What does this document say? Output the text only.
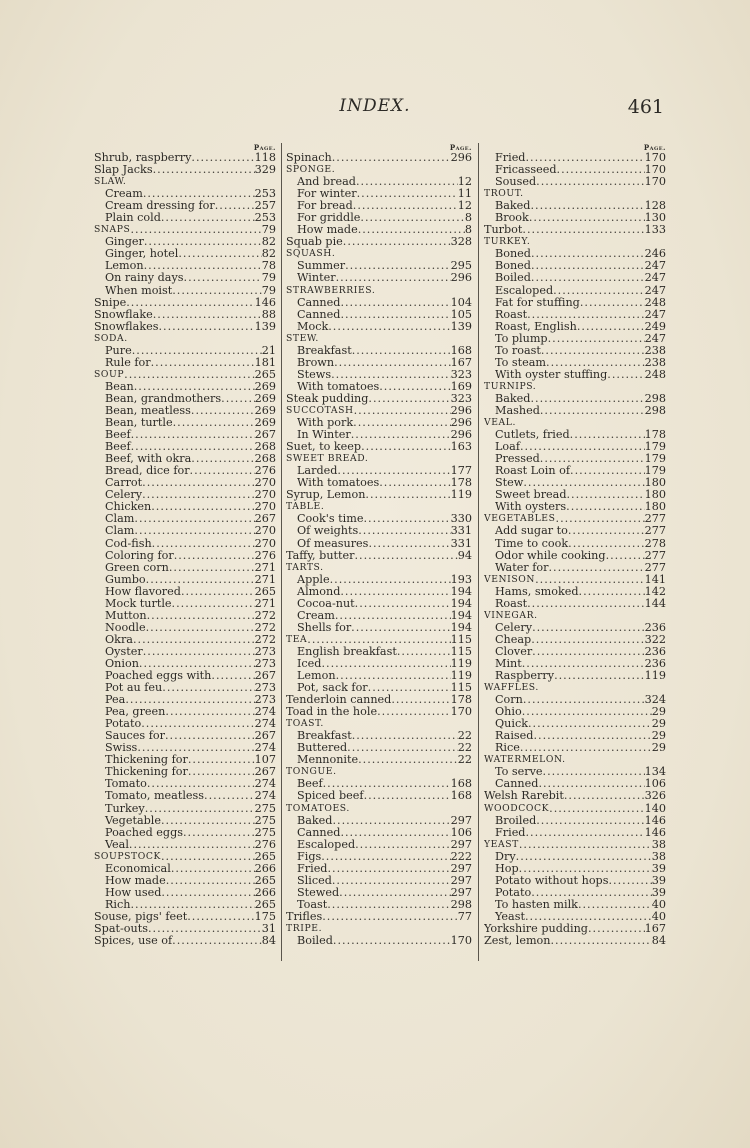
INDEX.	461
Page.
Shrub, raspberry .....	118
Slap Jacks .....	329
SLAW.
Cream .....	253
Cream dressing for .....	257
Plain cold .....	253
SNAPS .....	79
Ginger .....	82
Ginger, hotel .....	82
Lemon .....	78
On rainy days .....	79
When moist .....	79
Snipe .....	146
Snowflake .....	88
Snowflakes .....	139
SODA.
Pure .....	21
Rule for .....	181
SOUP .....	265
Bean .....	269
Bean, grandmothers .....	269
Bean, meatless .....	269
Bean, turtle .....	269
Beef .....	267
Beef .....	268
Beef, with okra .....	268
Bread, dice for .....	276
Carrot .....	270
Celery .....	270
Chicken .....	270
Clam .....	267
Clam .....	270
Cod-fish .....	270
Coloring for .....	276
Green corn .....	271
Gumbo .....	271
How flavored .....	265
Mock turtle .....	271
Mutton .....	272
Noodle .....	272
Okra .....	272
Oyster .....	273
Onion .....	273
Poached eggs with .....	267
Pot au feu .....	273
Pea .....	273
Pea, green .....	274
Potato .....	274
Sauces for .....	267
Swiss .....	274
Thickening for .....	107
Thickening for .....	267
Tomato .....	274
Tomato, meatless .....	274
Turkey .....	275
Vegetable .....	275
Poached eggs .....	275
Veal .....	276
SOUPSTOCK .....	265
Economical .....	266
How made .....	265
How used .....	266
Rich .....	265
Souse, pigs' feet .....	175
Spat-outs .....	31
Spices, use of .....	84
Page.
Spinach .....	296
SPONGE.
And bread .....	12
For winter .....	11
For bread .....	12
For griddle .....	8
How made .....	8
Squab pie .....	328
SQUASH.
Summer .....	295
Winter .....	296
STRAWBERRIES.
Canned .....	104
Canned .....	105
Mock .....	139
STEW.
Breakfast .....	168
Brown .....	167
Stews .....	323
With tomatoes .....	169
Steak pudding .....	323
SUCCOTASH .....	296
With pork .....	296
In Winter .....	296
Suet, to keep .....	163
SWEET BREAD.
Larded .....	177
With tomatoes .....	178
Syrup, Lemon .....	119
TABLE.
Cook's time .....	330
Of weights .....	331
Of measures .....	331
Taffy, butter .....	94
TARTS.
Apple .....	193
Almond .....	194
Cocoa-nut .....	194
Cream .....	194
Shells for .....	194
TEA .....	115
English breakfast .....	115
Iced .....	119
Lemon .....	119
Pot, sack for .....	115
Tenderloin canned .....	178
Toad in the hole .....	170
TOAST.
Breakfast .....	22
Buttered .....	22
Mennonite .....	22
TONGUE.
Beef .....	168
Spiced beef .....	168
TOMATOES.
Baked .....	297
Canned .....	106
Escaloped .....	297
Figs .....	222
Fried .....	297
Sliced .....	297
Stewed .....	297
Toast .....	298
Trifles .....	77
TRIPE.
Boiled .....	170
Page.
Fried .....	170
Fricasseed .....	170
Soused .....	170
TROUT.
Baked .....	128
Brook .....	130
Turbot .....	133
TURKEY.
Boned .....	246
Boned .....	247
Boiled .....	247
Escaloped .....	247
Fat for stuffing .....	248
Roast .....	247
Roast, English .....	249
To plump .....	247
To roast .....	238
To steam .....	238
With oyster stuffing .....	248
TURNIPS.
Baked .....	298
Mashed .....	298
VEAL.
Cutlets, fried .....	178
Loaf .....	179
Pressed .....	179
Roast Loin of .....	179
Stew .....	180
Sweet bread .....	180
With oysters .....	180
VEGETABLES .....	277
Add sugar to .....	277
Time to cook .....	278
Odor while cooking .....	277
Water for .....	277
VENISON .....	141
Hams, smoked .....	142
Roast .....	144
VINEGAR.
Celery .....	236
Cheap .....	322
Clover .....	236
Mint .....	236
Raspberry .....	119
WAFFLES.
Corn .....	324
Ohio .....	29
Quick .....	29
Raised .....	29
Rice .....	29
WATERMELON.
To serve .....	134
Canned .....	106
Welsh Rarebit .....	326
WOODCOCK .....	140
Broiled .....	146
Fried .....	146
YEAST .....	38
Dry .....	38
Hop .....	39
Potato without hops .....	39
Potato .....	39
To hasten milk .....	40
Yeast .....	40
Yorkshire pudding .....	167
Zest, lemon .....	84
